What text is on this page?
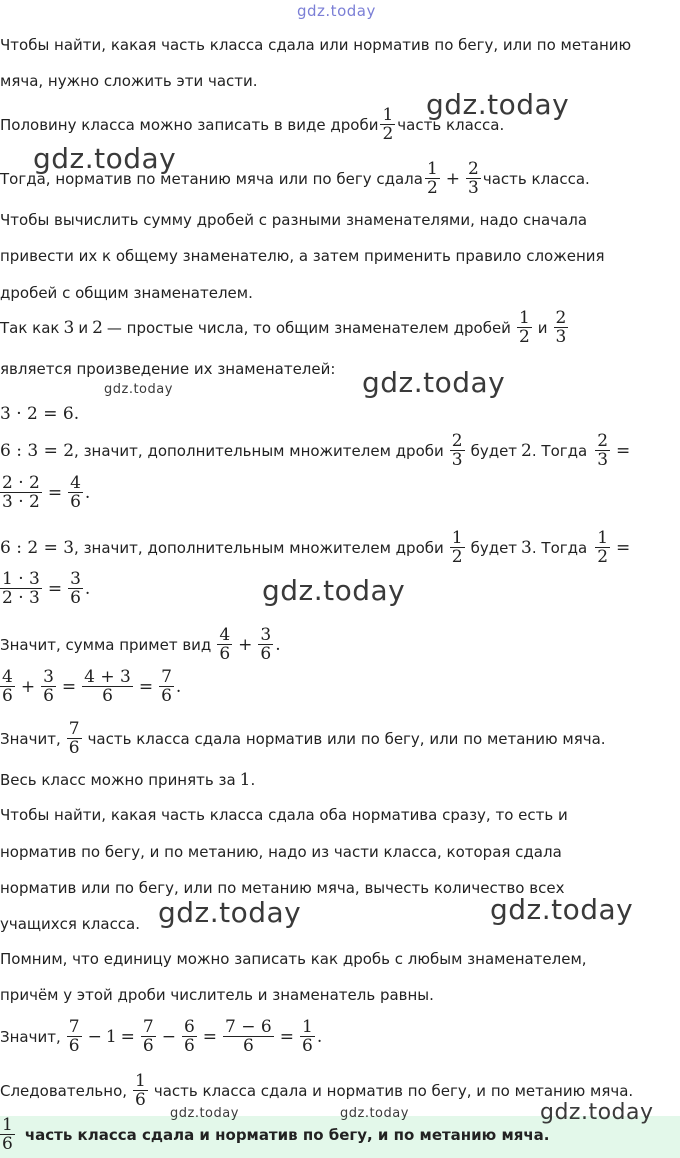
gdz.today
Чтобы найти, какая часть класса сдала или норматив по бегу, или по метанию
мяча, нужно сложить эти части.
Половину класса можно записать в виде дроби $\frac{1}{2}$ часть класса.
gdz.today
gdz.today
Тогда, норматив по метанию мяча или по бегу сдала $\frac{1}{2} + \frac{2}{3}$ часть класса.
Чтобы вычислить сумму дробей с разными знаменателями, надо сначала
привести их к общему знаменателю, а затем применить правило сложения
дробей с общим знаменателем.
Так как 3 и 2 — простые числа, то общим знаменателем дробей $\frac{1}{2}$ и $\frac{2}{3}$
является произведение их знаменателей: gdz.today
gdz.today
3 · 2 = 6.
6 : 3 = 2 , значит, дополнительным множителем дроби $\frac{2}{3}$ будет 2 . Тогда $\frac{2}{3}$ =
$\frac{2 \cdot 2}{3 \cdot 2} = \frac{4}{6}$ .
6 : 2 = 3 , значит, дополнительным множителем дроби $\frac{1}{2}$ будет 3 . Тогда $\frac{1}{2}$ =
$\frac{1 \cdot 3}{2 \cdot 3} = \frac{3}{6}$ .	gdz.today
Значит, сумма примет вид $\frac{4}{6} + \frac{3}{6}$ .
$\frac{4}{6} + \frac{3}{6} = \frac{4 + 3}{6} = \frac{7}{6}$ .
Значит, $\frac{7}{6}$ часть класса сдала норматив или по бегу, или по метанию мяча.
Весь класс можно принять за 1 .
Чтобы найти, какая часть класса сдала оба норматива сразу, то есть и
норматив по бегу, и по метанию, надо из части класса, которая сдала
норматив или по бегу, или по метанию мяча, вычесть количество всех
учащихся класса. gdz.today	gdz.today
Помним, что единицу можно записать как дробь с любым знаменателем,
причём у этой дроби числитель и знаменатель равны.
Значит, $\frac{7}{6} - 1 = \frac{7}{6} - \frac{6}{6} = \frac{7 - 6}{6} = \frac{1}{6}$ .
Следовательно, $\frac{1}{6}$ часть класса сдала и норматив по бегу, и по метанию мяча.
$\frac{1}{6}$ часть класса сдала и норматив по бегу, и по метанию мяча.
gdz.today	gdz.today	gdz.today
